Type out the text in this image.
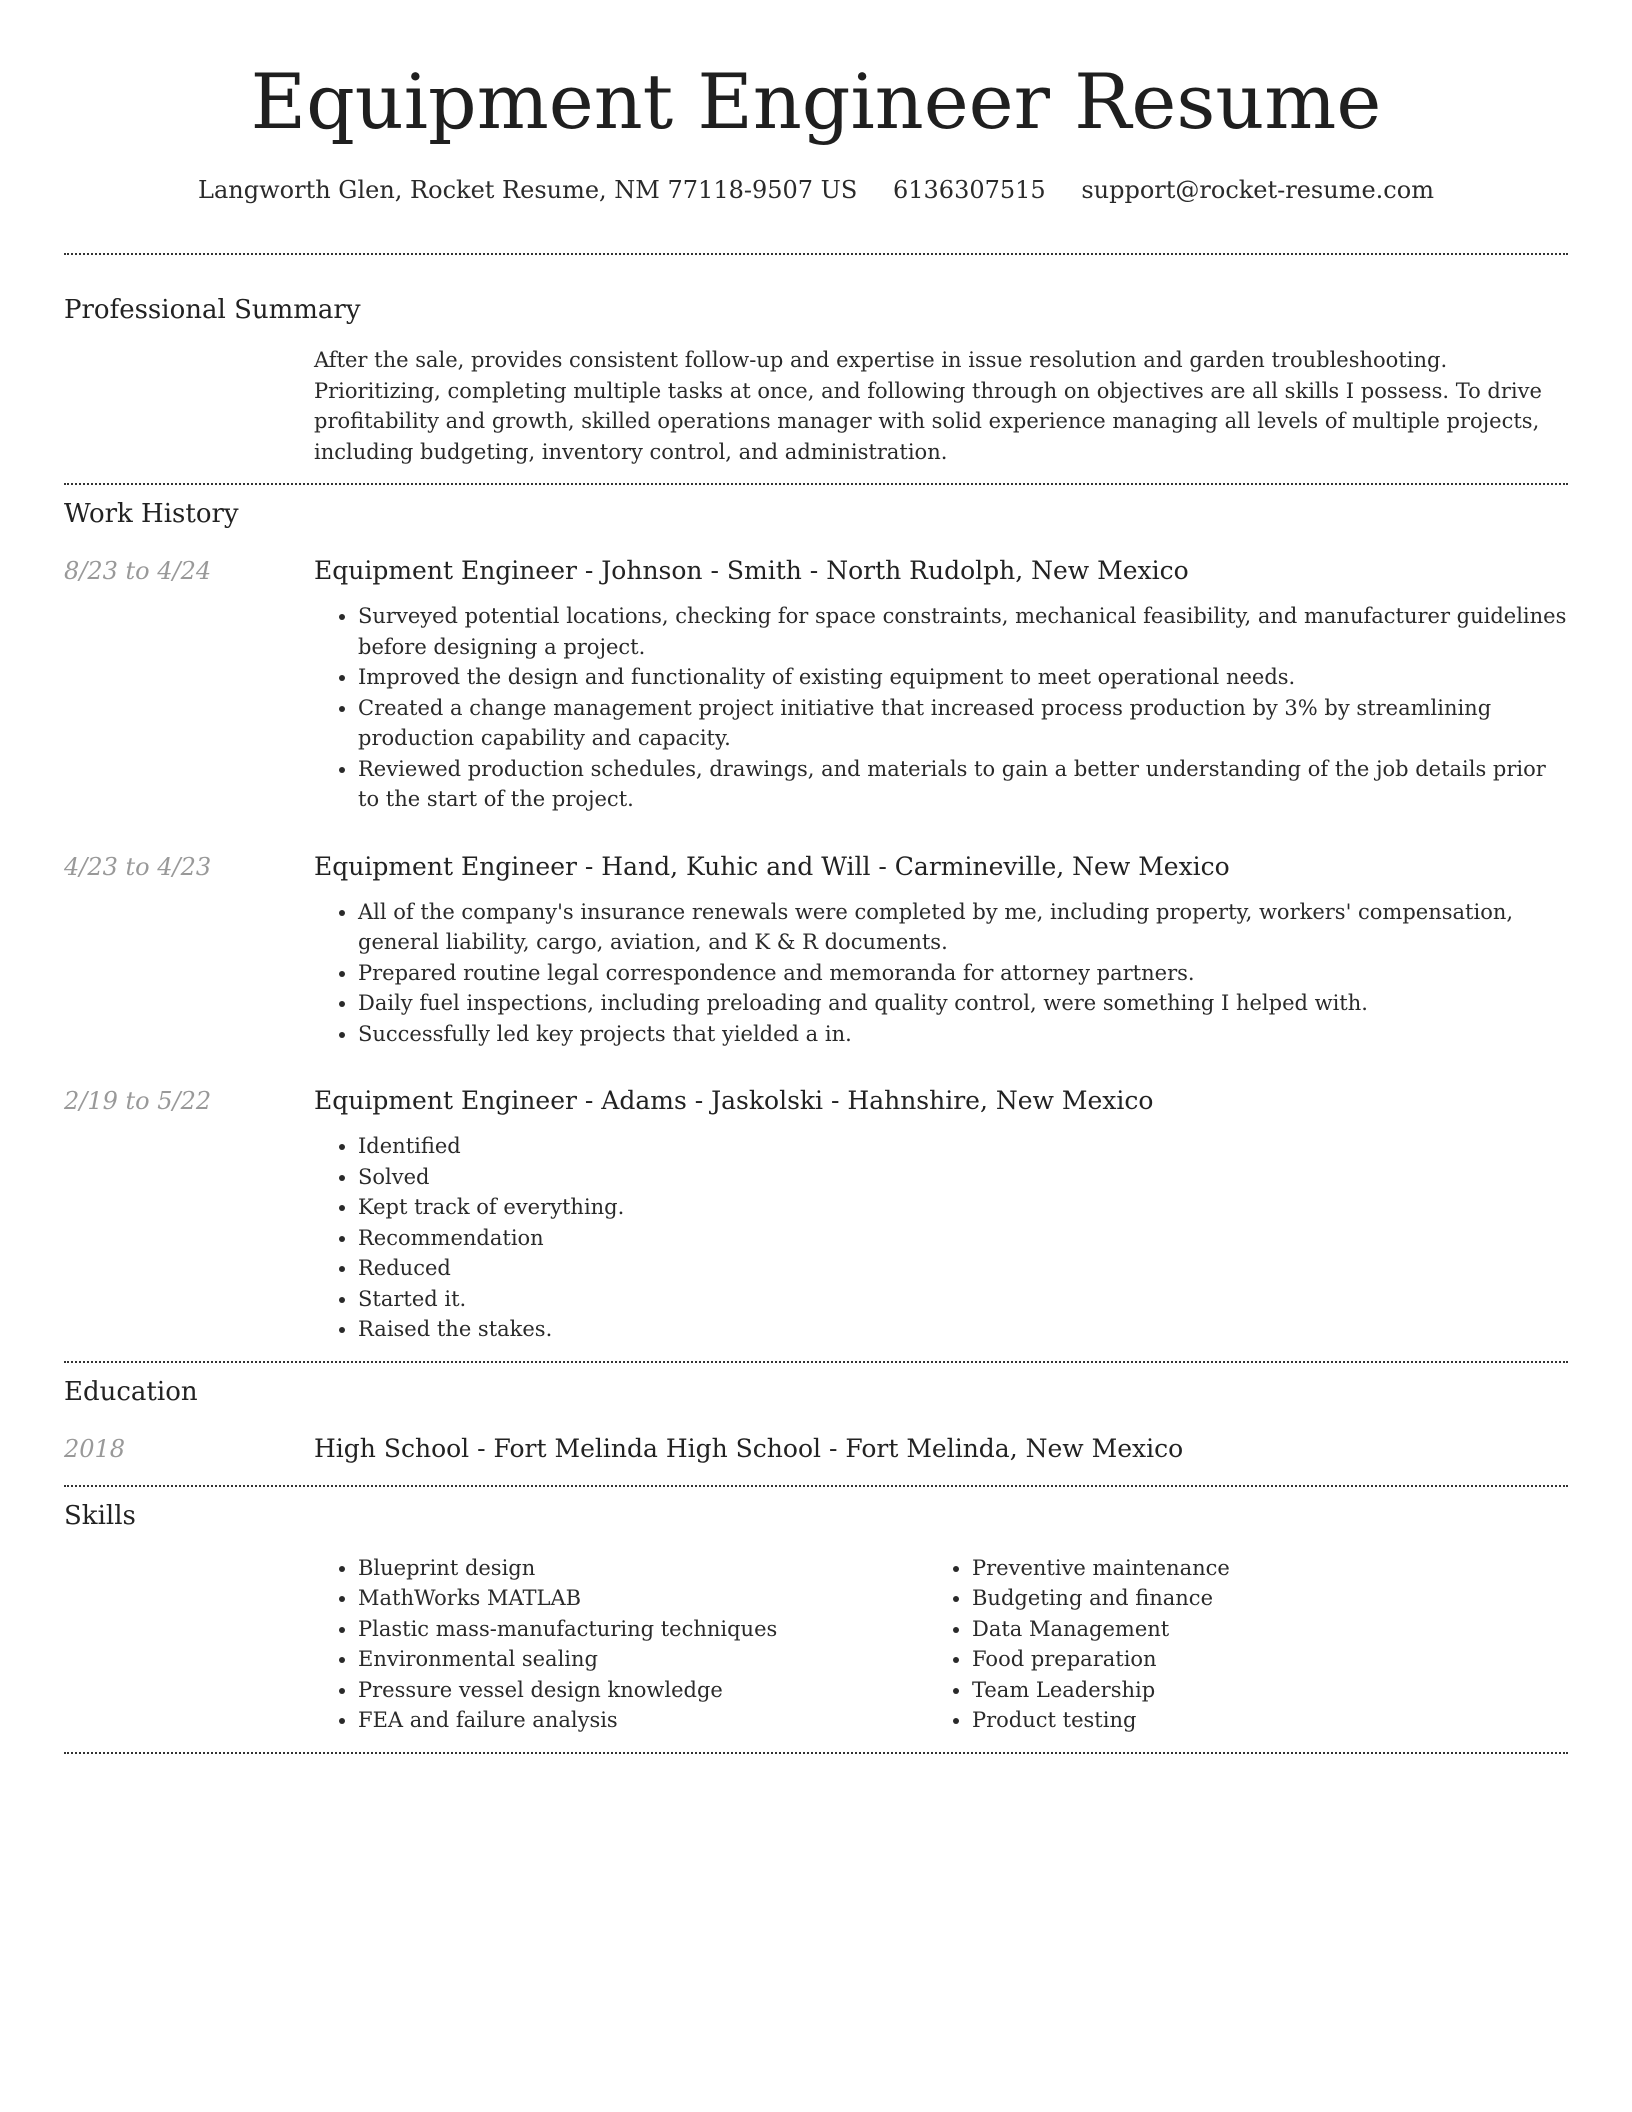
Equipment Engineer Resume
Langworth Glen, Rocket Resume, NM 77118-9507 US 6136307515 support@rocket-resume.com
Professional Summary

After the sale, provides consistent follow-up and expertise in issue resolution and garden troubleshooting. Prioritizing, completing multiple tasks at once, and following through on objectives are all skills I possess. To drive profitability and growth, skilled operations manager with solid experience managing all levels of multiple projects, including budgeting, inventory control, and administration.

Work History
8/23 to 4/24	Equipment Engineer - Johnson - Smith - North Rudolph, New Mexico
• Surveyed potential locations, checking for space constraints, mechanical feasibility, and manufacturer guidelines before designing a project.
• Improved the design and functionality of existing equipment to meet operational needs.
• Created a change management project initiative that increased process production by 3% by streamlining production capability and capacity.
• Reviewed production schedules, drawings, and materials to gain a better understanding of the job details prior to the start of the project.
4/23 to 4/23	Equipment Engineer - Hand, Kuhic and Will - Carmineville, New Mexico
• All of the company's insurance renewals were completed by me, including property, workers' compensation, general liability, cargo, aviation, and K & R documents.
• Prepared routine legal correspondence and memoranda for attorney partners.
• Daily fuel inspections, including preloading and quality control, were something I helped with.
• Successfully led key projects that yielded a in.
2/19 to 5/22	Equipment Engineer - Adams - Jaskolski - Hahnshire, New Mexico
• Identified
• Solved
• Kept track of everything.
• Recommendation
• Reduced
• Started it.
• Raised the stakes.
Education
2018	High School - Fort Melinda High School - Fort Melinda, New Mexico
Skills
• Blueprint design
• MathWorks MATLAB
• Plastic mass-manufacturing techniques
• Environmental sealing
• Pressure vessel design knowledge
• FEA and failure analysis
• Preventive maintenance
• Budgeting and finance
• Data Management
• Food preparation
• Team Leadership
• Product testing
